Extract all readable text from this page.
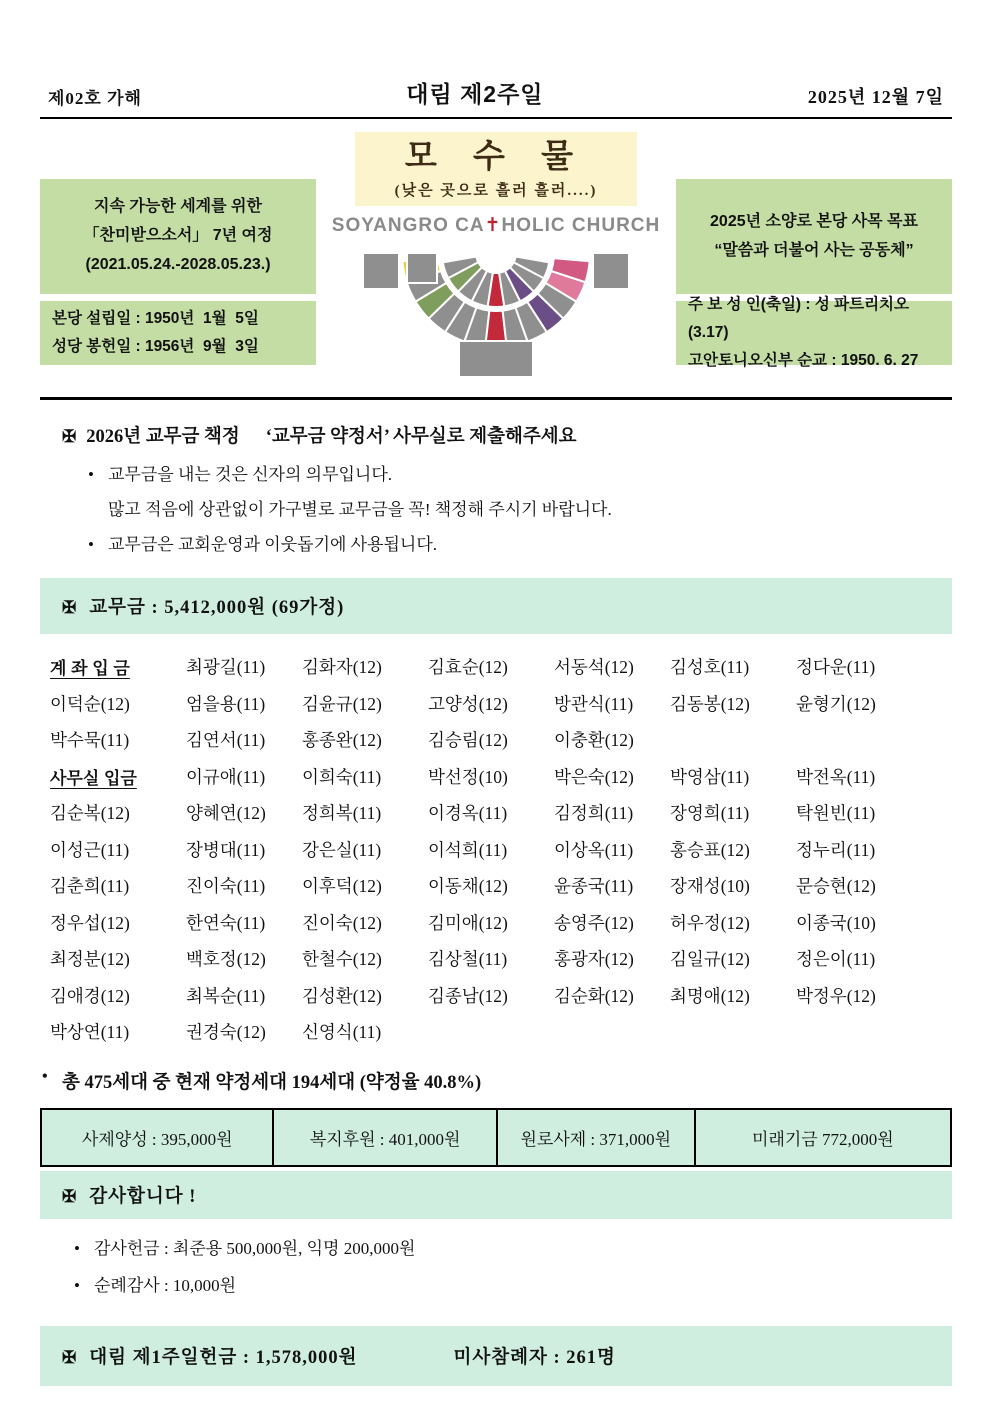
제02호 가해	대림 제2주일	2025년 12월 7일
지속 가능한 세계를 위한
「찬미받으소서」 7년 여정
(2021.05.24.-2028.05.23.)
본당 설립일 : 1950년  1월  5일
성당 봉헌일 : 1956년  9월  3일
모 수 물
(낮은 곳으로 흘러 흘러....)
SOYANGRO CA✝HOLIC CHURCH	2025년 소양로 본당 사목 목표
“말씀과 더불어 사는 공동체”
주 보 성 인(축일) : 성 파트리치오(3.17)
고안토니오신부 순교 : 1950. 6. 27
✠ 2026년 교무금 책정 ‘교무금 약정서’ 사무실로 제출해주세요
• 교무금을 내는 것은 신자의 의무입니다.
많고 적음에 상관없이 가구별로 교무금을 꼭! 책정해 주시기 바랍니다.
• 교무금은 교회운영과 이웃돕기에 사용됩니다.
✠ 교무금 : 5,412,000원 (69가정)
계 좌 입 금	최광길(11)	김화자(12)	김효순(12)	서동석(12)	김성호(11)	정다운(11)
이덕순(12)	엄을용(11)	김윤규(12)	고양성(12)	방관식(11)	김동봉(12)	윤형기(12)
박수묵(11)	김연서(11)	홍종완(12)	김승림(12)	이충환(12)
사무실 입금	이규애(11)	이희숙(11)	박선정(10)	박은숙(12)	박영삼(11)	박전옥(11)
김순복(12)	양혜연(12)	정희복(11)	이경옥(11)	김정희(11)	장영희(11)	탁원빈(11)
이성근(11)	장병대(11)	강은실(11)	이석희(11)	이상옥(11)	홍승표(12)	정누리(11)
김춘희(11)	진이숙(11)	이후덕(12)	이동채(12)	윤종국(11)	장재성(10)	문승현(12)
정우섭(12)	한연숙(11)	진이숙(12)	김미애(12)	송영주(12)	허우정(12)	이종국(10)
최정분(12)	백호정(12)	한철수(12)	김상철(11)	홍광자(12)	김일규(12)	정은이(11)
김애경(12)	최복순(11)	김성환(12)	김종남(12)	김순화(12)	최명애(12)	박정우(12)
박상연(11)	권경숙(12)	신영식(11)
• 총 475세대 중 현재 약정세대 194세대 (약정율 40.8%)
사제양성 : 395,000원	복지후원 : 401,000원	원로사제 : 371,000원	미래기금 772,000원
✠ 감사합니다 !
• 감사헌금 : 최준용 500,000원, 익명 200,000원
• 순례감사 : 10,000원
✠ 대림 제1주일헌금 : 1,578,000원	미사참례자 : 261명
